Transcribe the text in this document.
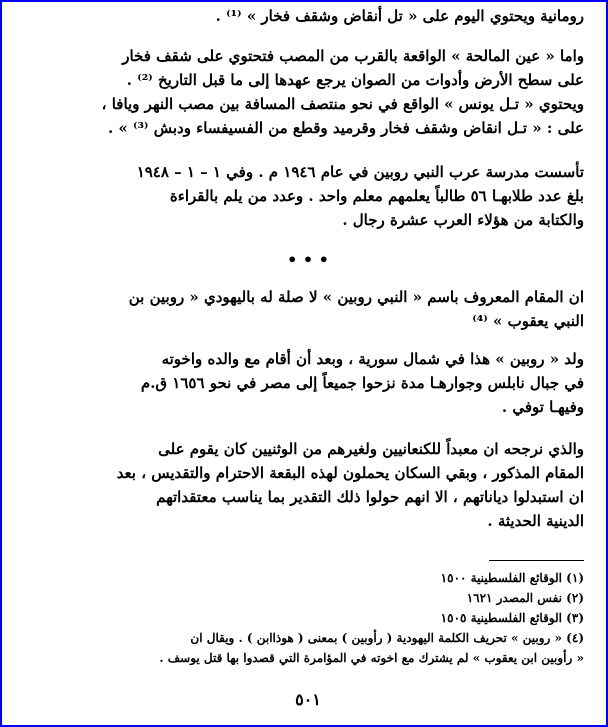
رومانية ويحتوي اليوم على « تل أنقاض وشقف فخار » ⁽¹⁾ .
واما « عين المالحة » الواقعة بالقرب من المصب فتحتوي على شقف فخار
على سطح الأرض وأدوات من الصوان يرجع عهدها إلى ما قبل التاريخ ⁽²⁾ .
ويحتوي « تـل يونس » الواقع في نحو منتصف المسافة بين مصب النهر ويافا ،
على : « تـل انقاض وشقف فخار وقرميد وقطع من الفسيفساء ودبش ⁽³⁾ » .
تأسست مدرسة عرب النبي روبين في عام ١٩٤٦ م . وفي ١ – ١ – ١٩٤٨
بلغ عدد طلابهـا ٥٦ طالباً يعلمهم معلم واحد . وعدد من يلم بالقراءة
والكتابة من هؤلاء العرب عشرة رجال .
• • •
ان المقام المعروف باسم « النبي روبين » لا صلة له باليهودي « روبين بن
النبي يعقوب » ⁽⁴⁾
ولد « روبين » هذا في شمال سورية ، وبعد أن أقام مع والده واخوته
في جبال نابلس وجوارهـا مدة نزحوا جميعاً إلى مصر في نحو ١٦٥٦ ق.م
وفيهـا توفي .
والذي نرجحه ان معبداً للكنعانيين ولغيرهم من الوثنيين كان يقوم على
المقام المذكور ، وبقي السكان يحملون لهذه البقعة الاحترام والتقديس ، بعد
ان استبدلوا دياناتهم ، الا انهم حولوا ذلك التقدير بما يناسب معتقداتهم
الدينية الحديثة .

(١) الوقائع الفلسطينية ١٥٠٠

(٢) نفس المصدر ١٦٢١

(٣) الوقائع الفلسطينية ١٥٠٥

(٤) « روبين » تحريف الكلمة اليهودية ( رأوبين ) بمعنى ( هوذاابن ) . ويقال ان

« رأوبين ابن يعقوب » لم يشترك مع اخوته في المؤامرة التي قصدوا بها قتل يوسف .

٥٠١
